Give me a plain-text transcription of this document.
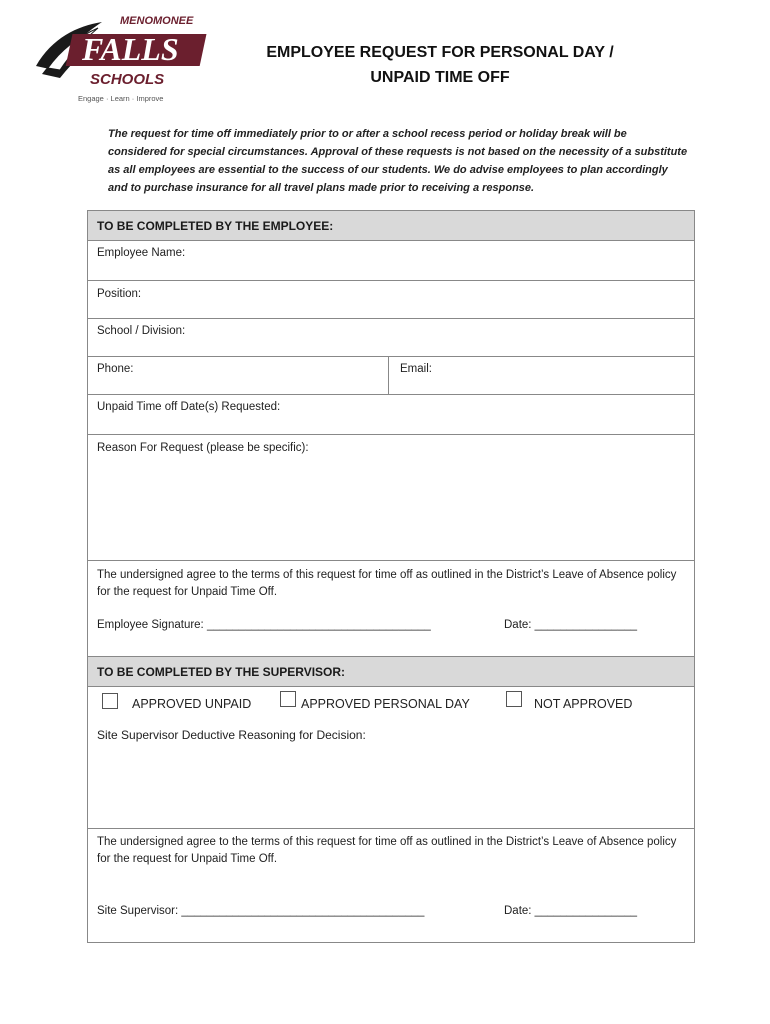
FALLS
MENOMONEE
SCHOOLS
Engage · Learn · Improve
EMPLOYEE REQUEST FOR PERSONAL DAY /
UNPAID TIME OFF
The request for time off immediately prior to or after a school recess period or holiday break will be considered for special circumstances. Approval of these requests is not based on the necessity of a substitute as all employees are essential to the success of our students. We do advise employees to plan accordingly and to purchase insurance for all travel plans made prior to receiving a response.
TO BE COMPLETED BY THE EMPLOYEE:
Employee Name:
Position:
School / Division:
Phone:	Email:
Unpaid Time off Date(s) Requested:
Reason For Request (please be specific):
The undersigned agree to the terms of this request for time off as outlined in the District’s Leave of Absence policy for the request for Unpaid Time Off.
Employee Signature: ___________________________________	Date: ________________
TO BE COMPLETED BY THE SUPERVISOR:
APPROVED UNPAID	APPROVED PERSONAL DAY	NOT APPROVED
Site Supervisor Deductive Reasoning for Decision:
The undersigned agree to the terms of this request for time off as outlined in the District’s Leave of Absence policy for the request for Unpaid Time Off.
Site Supervisor: ______________________________________	Date: ________________
